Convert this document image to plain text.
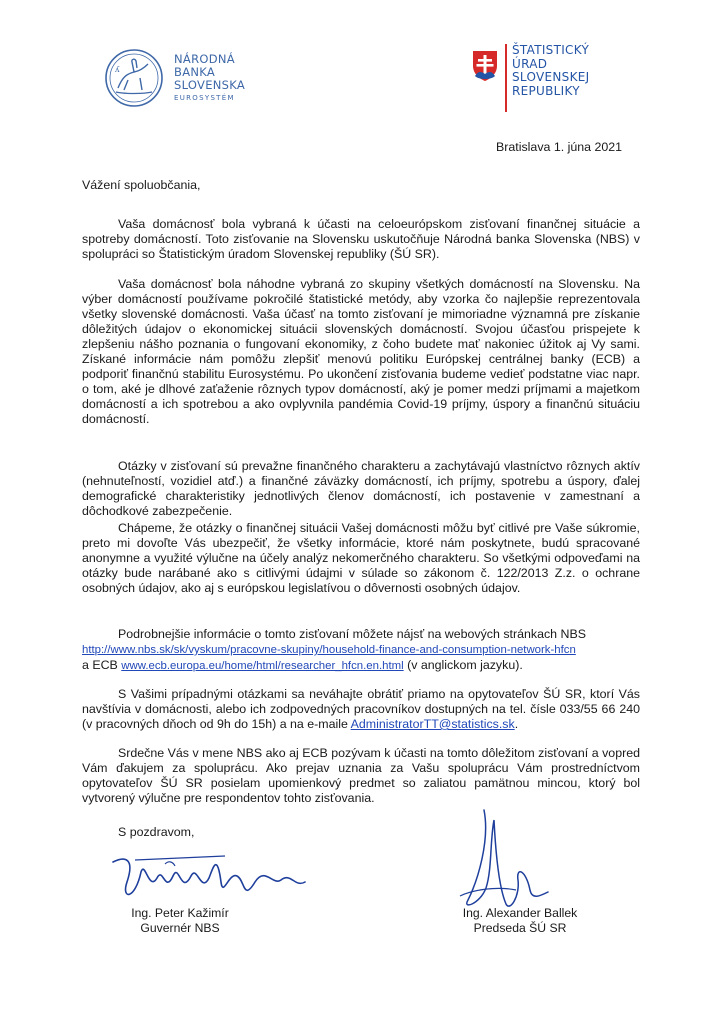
ʎ
NÁRODNÁ
BANKA
SLOVENSKA
EUROSYSTÉM
ŠTATISTICKÝ
ÚRAD
SLOVENSKEJ
REPUBLIKY
Bratislava 1. júna 2021
Vážení spoluobčania,
Vaša domácnosť bola vybraná k účasti na celoeurópskom zisťovaní finančnej situácie a spotreby domácností. Toto zisťovanie na Slovensku uskutočňuje Národná banka Slovenska (NBS) v spolupráci so Štatistickým úradom Slovenskej republiky (ŠÚ SR).
Vaša domácnosť bola náhodne vybraná zo skupiny všetkých domácností na Slovensku. Na výber domácností používame pokročilé štatistické metódy, aby vzorka čo najlepšie reprezentovala všetky slovenské domácnosti. Vaša účasť na tomto zisťovaní je mimoriadne významná pre získanie dôležitých údajov o ekonomickej situácii slovenských domácností. Svojou účasťou prispejete k zlepšeniu nášho poznania o fungovaní ekonomiky, z čoho budete mať nakoniec úžitok aj Vy sami. Získané informácie nám pomôžu zlepšiť menovú politiku Európskej centrálnej banky (ECB) a podporiť finančnú stabilitu Eurosystému. Po ukončení zisťovania budeme vedieť podstatne viac napr. o tom, aké je dlhové zaťaženie rôznych typov domácností, aký je pomer medzi príjmami a majetkom domácností a ich spotrebou a ako ovplyvnila pandémia Covid-19 príjmy, úspory a finančnú situáciu domácností.
Otázky v zisťovaní sú prevažne finančného charakteru a zachytávajú vlastníctvo rôznych aktív (nehnuteľností, vozidiel atď.) a finančné záväzky domácností, ich príjmy, spotrebu a úspory, ďalej demografické charakteristiky jednotlivých členov domácností, ich postavenie v zamestnaní a dôchodkové zabezpečenie.
Chápeme, že otázky o finančnej situácii Vašej domácnosti môžu byť citlivé pre Vaše súkromie, preto mi dovoľte Vás ubezpečiť, že všetky informácie, ktoré nám poskytnete, budú spracované anonymne a využité výlučne na účely analýz nekomerčného charakteru. So všetkými odpoveďami na otázky bude narábané ako s citlivými údajmi v súlade so zákonom č. 122/2013 Z.z. o ochrane osobných údajov, ako aj s európskou legislatívou o dôvernosti osobných údajov.
Podrobnejšie informácie o tomto zisťovaní môžete nájsť na webových stránkach NBS
http://www.nbs.sk/sk/vyskum/pracovne-skupiny/household-finance-and-consumption-network-hfcn
a ECB www.ecb.europa.eu/home/html/researcher_hfcn.en.html (v anglickom jazyku).
S Vašimi prípadnými otázkami sa neváhajte obrátiť priamo na opytovateľov ŠÚ SR, ktorí Vás navštívia v domácnosti, alebo ich zodpovedných pracovníkov dostupných na tel. čísle 033/55 66 240 (v pracovných dňoch od 9h do 15h) a na e-maile AdministratorTT@statistics.sk.
Srdečne Vás v mene NBS ako aj ECB pozývam k účasti na tomto dôležitom zisťovaní a vopred Vám ďakujem za spoluprácu. Ako prejav uznania za Vašu spoluprácu Vám prostredníctvom opytovateľov ŠÚ SR posielam upomienkový predmet so zaliatou pamätnou mincou, ktorý bol vytvorený výlučne pre respondentov tohto zisťovania.
S pozdravom,
Ing. Peter Kažimír
Guvernér NBS
Ing. Alexander Ballek
Predseda ŠÚ SR
